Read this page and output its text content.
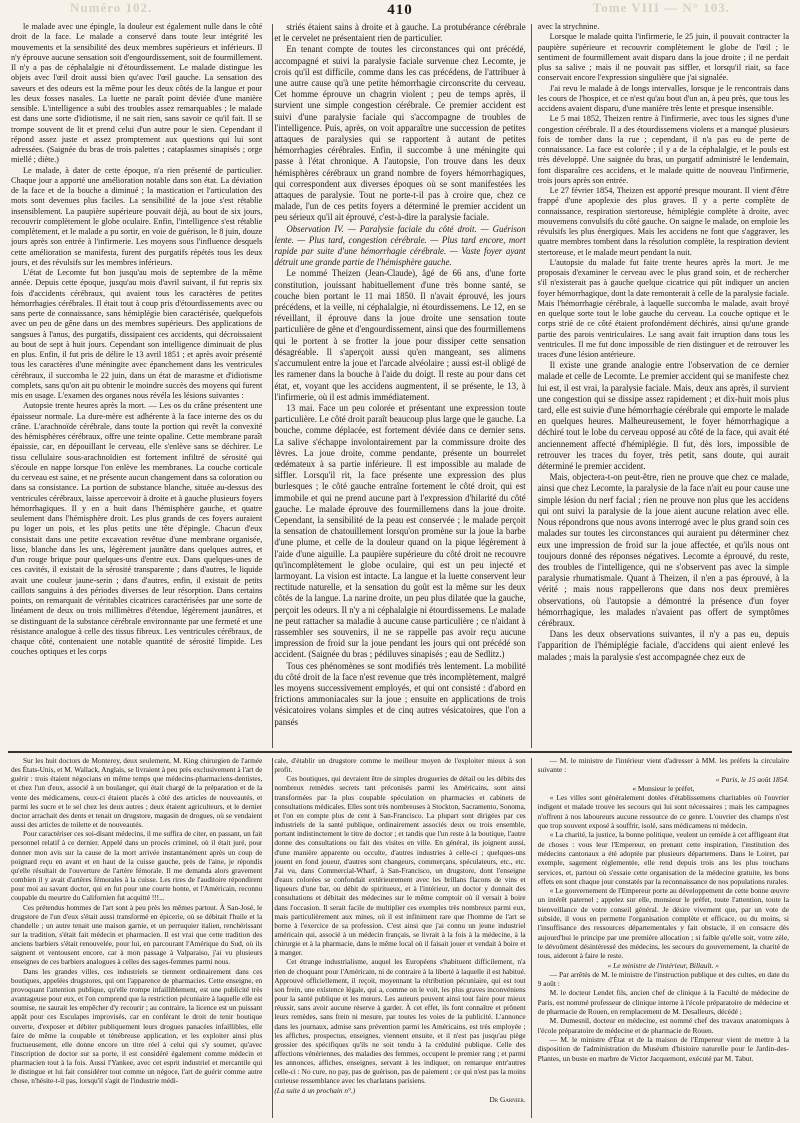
Numéro 102.	410	Tome VIII — N° 103.

le malade avec une épingle, la douleur est également nulle dans le côté droit de la face. Le malade a conservé dans toute leur intégrité les mouvements et la sensibilité des deux membres supérieurs et inférieurs. Il n'y éprouve aucune sensation soit d'engourdissement, soit de fourmillement. Il n'y a pas de céphalalgie ni d'étourdissement. Le malade distingue les objets avec l'œil droit aussi bien qu'avec l'œil gauche. La sensation des saveurs et des odeurs est la même pour les deux côtés de la langue et pour les deux fosses nasales. La luette ne paraît point déviée d'une manière sensible. L'intelligence a subi des troubles assez remarquables ; le malade est dans une sorte d'idiotisme, il ne sait rien, sans savoir ce qu'il fait. Il se trompe souvent de lit et prend celui d'un autre pour le sien. Cependant il répond assez juste et assez promptement aux questions qui lui sont adressées. (Saignée du bras de trois palettes ; cataplasmes sinapisés ; orge miellé ; diète.)

Le malade, à dater de cette époque, n'a rien présenté de particulier. Chaque jour a apporté une amélioration notable dans son état. La déviation de la face et de la bouche a diminué ; la mastication et l'articulation des mots sont devenues plus faciles. La sensibilité de la joue s'est rétablie insensiblement. La paupière supérieure pouvait déjà, au bout de six jours, recouvrir complètement le globe oculaire. Enfin, l'intelligence s'est rétablie complètement, et le malade a pu sortir, en voie de guérison, le 8 juin, douze jours après son entrée à l'infirmerie. Les moyens sous l'influence desquels cette amélioration se manifesta, furent des purgatifs répétés tous les deux jours, et des révulsifs sur les membres inférieurs.

L'état de Lecomte fut bon jusqu'au mois de septembre de la même année. Depuis cette époque, jusqu'au mois d'avril suivant, il fut repris six fois d'accidents cérébraux, qui avaient tous les caractères de petites hémorrhagies cérébrales. Il était tout à coup pris d'étourdissements avec ou sans perte de connaissance, sans hémiplégie bien caractérisée, quelquefois avec un peu de gêne dans un des membres supérieurs. Des applications de sangsues à l'anus, des purgatifs, dissipaient ces accidents, qui décroissaient au bout de sept à huit jours. Cependant son intelligence diminuait de plus en plus. Enfin, il fut pris de délire le 13 avril 1851 ; et après avoir présenté tous les caractères d'une méningite avec épanchement dans les ventricules cérébraux, il succomba le 22 juin, dans un état de marasme et d'idiotisme complets, sans qu'on ait pu obtenir le moindre succès des moyens qui furent mis en usage. L'examen des organes nous révéla les lésions suivantes :

Autopsie trente heures après la mort. — Les os du crâne présentent une épaisseur normale. La dure-mère est adhérente à la face interne des os du crâne. L'arachnoïde cérébrale, dans toute la portion qui revêt la convexité des hémisphères cérébraux, offre une teinte opaline. Cette membrane paraît épaissie, car, en dépouillant le cerveau, elle s'enlève sans se déchirer. Le tissu cellulaire sous-arachnoïdien est fortement infiltré de sérosité qui s'écoule en nappe lorsque l'on enlève les membranes. La couche corticale du cerveau est saine, et ne présente aucun changement dans sa coloration ou dans sa consistance. La portion de substance blanche, située au-dessus des ventricules cérébraux, laisse apercevoir à droite et à gauche plusieurs foyers hémorrhagiques. Il y en a huit dans l'hémisphère gauche, et quatre seulement dans l'hémisphère droit. Les plus grands de ces foyers auraient pu loger un pois, et les plus petits une tête d'épingle. Chacun d'eux consistait dans une petite excavation revêtue d'une membrane organisée, lisse, blanche dans les uns, légèrement jaunâtre dans quelques autres, et d'un rouge brique pour quelques-uns d'entre eux. Dans quelques-unes de ces cavités, il existait de la sérosité transparente ; dans d'autres, le liquide avait une couleur jaune-serin ; dans d'autres, enfin, il existait de petits caillots sanguins à des périodes diverses de leur résorption. Dans certains points, on remarquait de véritables cicatrices caractérisées par une sorte de linéament de deux ou trois millimètres d'étendue, légèrement jaunâtres, et se distinguant de la substance cérébrale environnante par une fermeté et une résistance analogue à celle des tissus fibreux. Les ventricules cérébraux, de chaque côté, contenaient une notable quantité de sérosité limpide. Les couches optiques et les corps

striés étaient sains à droite et à gauche. La protubérance cérébrale et le cervelet ne présentaient rien de particulier.

En tenant compte de toutes les circonstances qui ont précédé, accompagné et suivi la paralysie faciale survenue chez Lecomte, je crois qu'il est difficile, comme dans les cas précédens, de l'attribuer à une autre cause qu'à une petite hémorrhagie circonscrite du cerveau. Cet homme éprouve un chagrin violent ; peu de temps après, il survient une simple congestion cérébrale. Ce premier accident est suivi d'une paralysie faciale qui s'accompagne de troubles de l'intelligence. Puis, après, on voit apparaître une succession de petites attaques de paralysies qui se rapportent à autant de petites hémorrhagies cérébrales. Enfin, il succombe à une méningite qui passe à l'état chronique. A l'autopsie, l'on trouve dans les deux hémisphères cérébraux un grand nombre de foyers hémorrhagiques, qui correspondent aux diverses époques où se sont manifestées les attaques de paralysie. Tout ne porte-t-il pas à croire que, chez ce malade, l'un de ces petits foyers a déterminé le premier accident un peu sérieux qu'il ait éprouvé, c'est-à-dire la paralysie faciale.

Observation IV. — Paralysie faciale du côté droit. — Guérison lente. — Plus tard, congestion cérébrale. — Plus tard encore, mort rapide par suite d'une hémorrhagie cérébrale. — Vaste foyer ayant détruit une grande partie de l'hémisphère gauche.

Le nommé Theizen (Jean-Claude), âgé de 66 ans, d'une forte constitution, jouissant habituellement d'une très bonne santé, se couche bien portant le 11 mai 1850. Il n'avait éprouvé, les jours précédens, et la veille, ni céphalalgie, ni étourdissemens. Le 12, en se réveillant, il éprouve dans la joue droite une sensation toute particulière de gêne et d'engourdissement, ainsi que des fourmillemens qui le portent à se frotter la joue pour dissiper cette sensation désagréable. Il s'aperçoit aussi qu'en mangeant, ses alimens s'accumulent entre la joue et l'arcade alvéolaire ; aussi est-il obligé de les ramener dans la bouche à l'aide du doigt. Il reste au pour dans cet état, et, voyant que les accidens augmentent, il se présente, le 13, à l'infirmerie, où il est admis immédiatement.

13 mai. Face un peu colorée et présentant une expression toute particulière. Le côté droit paraît beaucoup plus large que le gauche. La bouche, comme déplacée, est fortement déviée dans ce dernier sens. La salive s'échappe involontairement par la commissure droite des lèvres. La joue droite, comme pendante, présente un bourrelet œdémateux à sa partie inférieure. Il est impossible au malade de siffler. Lorsqu'il rit, la face présente une expression des plus burlesques ; le côté gauche entraîne fortement le côté droit, qui est immobile et qui ne prend aucune part à l'expression d'hilarité du côté gauche. Le malade éprouve des fourmillemens dans la joue droite. Cependant, la sensibilité de la peau est conservée ; le malade perçoit la sensation de chatouillement lorsqu'on promène sur la joue la barbe d'une plume, et celle de la douleur quand on la pique légèrement à l'aide d'une aiguille. La paupière supérieure du côté droit ne recouvre qu'incomplètement le globe oculaire, qui est un peu injecté et larmoyant. La vision est intacte. La langue et la luette conservent leur rectitude naturelle, et la sensation du goût est la même sur les deux côtés de la langue. La narine droite, un peu plus dilatée que la gauche, perçoit les odeurs. Il n'y a ni céphalalgie ni étourdissemens. Le malade ne peut rattacher sa maladie à aucune cause particulière ; ce n'aidant à rassembler ses souvenirs, il ne se rappelle pas avoir reçu aucune impression de froid sur la joue pendant les jours qui ont précédé son accident. (Saignée du bras ; pédiluves sinapisés ; eau de Sedlitz.)

Tous ces phénomènes se sont modifiés très lentement. La mobilité du côté droit de la face n'est revenue que très incomplètement, malgré les moyens successivement employés, et qui ont consisté : d'abord en frictions ammoniacales sur la joue ; ensuite en applications de trois vésicatoires volans simples et de cinq autres vésicatoires, que l'on a pansés

avec la strychnine.

Lorsque le malade quitta l'infirmerie, le 25 juin, il pouvait contracter la paupière supérieure et recouvrir complètement le globe de l'œil ; le sentiment de fourmillement avait disparu dans la joue droite ; il ne perdait plus sa salive ; mais il ne pouvait pas siffler, et lorsqu'il riait, sa face conservait encore l'expression singulière que j'ai signalée.

J'ai revu le malade à de longs intervalles, lorsque je le rencontrais dans les cours de l'hospice, et ce n'est qu'au bout d'un an, à peu près, que tous les accidens avaient disparu, d'une manière très lente et presque insensible.

Le 5 mai 1852, Theizen rentre à l'infirmerie, avec tous les signes d'une congestion cérébrale. Il a des étourdissemens violens et a manqué plusieurs fois de tomber dans la rue ; cependant, il n'a pas eu de perte de connaissance. La face est colorée ; il y a de la céphalalgie, et le pouls est très développé. Une saignée du bras, un purgatif administré le lendemain, font disparaître ces accidens, et le malade quitte de nouveau l'infirmerie, trois jours après son entrée.

Le 27 février 1854, Theizen est apporté presque mourant. Il vient d'être frappé d'une apoplexie des plus graves. Il y a perte complète de connaissance, respiration stertoreuse, hémiplégie complète à droite, avec mouvemens convulsifs du côté gauche. On saigne le malade, on emploie les révulsifs les plus énergiques. Mais les accidens ne font que s'aggraver, les quatre membres tombent dans la résolution complète, la respiration devient stertoreuse, et le malade meurt pendant la nuit.

L'autopsie du malade fut faite trente heures après la mort. Je me proposais d'examiner le cerveau avec le plus grand soin, et de rechercher s'il n'existerait pas à gauche quelque cicatrice qui pût indiquer un ancien foyer hémorrhagique, dont la date remonterait à celle de la paralysie faciale. Mais l'hémorrhagie cérébrale, à laquelle succomba le malade, avait broyé en quelque sorte tout le lobe gauche du cerveau. La couche optique et le corps strié de ce côté étaient profondément déchirés, ainsi qu'une grande partie des parois ventriculaires. Le sang avait fait irruption dans tous les ventricules. Il me fut donc impossible de rien distinguer et de retrouver les traces d'une lésion antérieure.

Il existe une grande analogie entre l'observation de ce dernier malade et celle de Lecomte. Le premier accident qui se manifeste chez lui est, il est vrai, la paralysie faciale. Mais, deux ans après, il survient une congestion qui se dissipe assez rapidement ; et dix-huit mois plus tard, elle est suivie d'une hémorrhagie cérébrale qui emporte le malade en quelques heures. Malheureusement, le foyer hémorrhagique a déchiré tout le lobe du cerveau opposé au côté de la face, qui avait été anciennement affecté d'hémiplégie. Il fut, dès lors, impossible de retrouver les traces du foyer, très petit, sans doute, qui aurait déterminé le premier accident.

Mais, objectera-t-on peut-être, rien ne prouve que chez ce malade, ainsi que chez Lecomte, la paralysie de la face n'ait eu pour cause une simple lésion du nerf facial ; rien ne prouve non plus que les accidens qui ont suivi la paralysie de la joue aient aucune relation avec elle. Nous répondrons que nous avons interrogé avec le plus grand soin ces malades sur toutes les circonstances qui auraient pu déterminer chez eux une impression de froid sur la joue affectée, et qu'ils nous ont toujours donné des réponses négatives. Lecomte a éprouvé, du reste, des troubles de l'intelligence, qui ne s'observent pas avec la simple paralysie rhumatismale. Quant à Theizen, il n'en a pas éprouvé, à la vérité ; mais nous rappellerons que dans nos deux premières observations, où l'autopsie a démontré la présence d'un foyer hémorrhagique, les malades n'avaient pas offert de symptômes cérébraux.

Dans les deux observations suivantes, il n'y a pas eu, depuis l'apparition de l'hémiplégie faciale, d'accidens qui aient enlevé les malades ; mais la paralysie s'est accompagnée chez eux de

Sur les huit doctors de Monterey, deux seulement, M. King chirurgien de l'armée des États-Unis, et M. Wallack, Anglais, se livraient à peu près exclusivement à l'art de guérir : trois étaient négocians en même temps que médecins-pharmaciens-dentistes, et chez l'un d'eux, associé à un boulanger, qui était chargé de la préparation et de la vente des médicamens, ceux-ci étaient placés à côté des articles de nouveautés, et parmi les sucre et le sel chez les deux autres ; deux étaient agriculteurs, et le dernier doctor arrachait des dents et tenait un drugstore, magasin de drogues, où se vendaient aussi des articles de toilette et de nouveautés.

Pour caractériser ces soi-disant médecins, il me suffira de citer, en passant, un fait personnel relatif à ce dernier. Appelé dans un procès criminel, où il était juré, pour donner mon avis sur la cause de la mort arrivée instantanément après un coup de poignard reçu en avant et en haut de la cuisse gauche, près de l'aine, je répondis qu'elle résultait de l'ouverture de l'artère fémorale. Il me demanda alors gravement combien il y avait d'artères fémorales à la cuisse. Les rires de l'auditoire répondirent pour moi au savant doctor, qui en fut pour une courte honte, et l'Américain, reconnu coupable du meurtre du Californien fut acquitté !!!...

Ces prétendus hommes de l'art sont à peu près les mêmes partout. À San-José, le drugstore de l'un d'eux s'était aussi transformé en épicerie, où se débitait l'huile et la chandelle ; un autre tenait une maison garnie, et un perruquier italien, renchérissant sur la tradition, s'était fait médecin et pharmacien. Il est vrai que cette tradition des anciens barbiers s'était renouvelée, pour lui, en parcourant l'Amérique du Sud, où ils saignent et ventousent encore, car à mon passage à Valparaiso, j'ai vu plusieurs enseignes de ces barbiers analogues à celles des sages-femmes parmi nous.

Dans les grandes villes, ces industriels se tiennent ordinairement dans ces boutiques, appelées drugstores, qui ont l'apparence de pharmacies. Cette enseigne, en provoquant l'attention publique, qu'elle trompe infailliblement, est une publicité très avantageuse pour eux, et l'on comprend que la restriction pécuniaire à laquelle elle est soumise, ne saurait les empêcher d'y recourir ; au contraire, la licence est un puissant appât pour ces Esculapes improvisés, car en conférant le droit de tenir boutique ouverte, d'exposer et débiter publiquement leurs drogues panacées infaillibles, elle faire de même la coupable et ténébreuse application, et les exploiter ainsi plus fructueusement, elle donne encore un titre réel à celui qui s'y soumet, qu'avec l'inscription de doctor sur sa porte, il est considéré également comme médecin et pharmacien tout à la fois. Aussi l'Yankee, avec cet esprit industriel et mercantile qui le distingue et lui fait considérer tout comme un négoce, l'art de guérir comme autre chose, n'hésite-t-il pas, lorsqu'il s'agit de l'industrie médi-

cale, d'établir un drugstore comme le meilleur moyen de l'exploiter mieux à son profit.

Ces boutiques, qui devraient être de simples drogueries de détail ou les débits des nombreux remèdes secrets tant préconisés parmi les Américains, sont ainsi transformées par la plus coupable spéculation en pharmacies et cabinets de consultations médicales. Elles sont très nombreuses à Stockton, Sacramento, Sonoma, et l'on en compte plus de cent à San-Francisco. La plupart sont dirigées par ces industriels de la santé publique, ordinairement associés deux ou trois ensemble, portant indistinctement le titre de doctor ; et tandis que l'un reste à la boutique, l'autre donne des consultations ou fait des visites en ville. En général, ils joignent aussi, d'une manière apparente ou occulte, d'autres industries à celle-ci ; quelques-uns jouent en fond joueur, d'autres sont changeurs, commerçans, spéculateurs, etc., etc. J'ai vu, dans Commercial-Wharf, à San-Francisco, un drugstore, dont l'enseigne d'eaux colorées se confondait extérieurement avec les brillans flacons de vins et liqueurs d'une bar, ou débit de spiritueux, et à l'intérieur, un doctor y donnait des consultations et débitait des médecines sur le même comptoir où il versait à boire dans l'occasion. Il serait facile de multiplier ces exemples très nombreux parmi eux, mais particulièrement aux mines, où il est infiniment rare que l'homme de l'art se borne à l'exercice de sa profession. C'est ainsi que j'ai connu un jeune industriel américain qui, associé à un médecin français, se livrait à la fois à la médecine, à la chirurgie et à la pharmacie, dans le même local où il faisait jouer et vendait à boire et à manger.

Cet étrange industrialisme, auquel les Européens s'habituent difficilement, n'a rien de choquant pour l'Américain, ni de contraire à la liberté à laquelle il est habitué. Approuvé officiellement, il reçoit, moyennant la rétribution pécuniaire, qui est tout son frein, une existence légale, qui a, comme on le voit, les plus graves inconvéniens pour la santé publique et les mœurs. Les auteurs peuvent ainsi tout faire pour mieux réussir, sans avoir aucune réserve à garder. À cet effet, ils font connaître et prônent leurs remèdes, sans frein ni mesure, par toutes les voies de la publicité. L'annonce dans les journaux, admise sans prévention parmi les Américains, est très employée ; les affiches, prospectus, enseignes, viennent ensuite, et il n'est pas jusqu'au piège grossier des spécifiques qu'ils ne soit tendu à la crédulité publique. Celle des affections vénériennes, des maladies des femmes, occupent le premier rang ; et parmi les annonces, affiches, enseignes, servant à les indiquer, on remarque entr'autres celle-ci : No cure, no pay, pas de guérison, pas de paiement ; ce qui n'est pas la moins curieuse ressemblance avec les charlatans parisiens.

(La suite à un prochain n°.)

Dr Garnier.

— M. le ministre de l'intérieur vient d'adresser à MM. les préfets la circulaire suivante :

« Paris, le 15 août 1854.

« Monsieur le préfet,

« Les villes sont généralement dotées d'établissemens charitables où l'ouvrier indigent et malade trouve les secours qui lui sont nécessaires ; mais les campagnes n'offrent à nos laboureurs aucune ressource de ce genre. L'ouvrier des champs n'est que trop souvent exposé à souffrir, isolé, sans médicamens ni médecin.

« La charité, la justice, la bonne politique, veulent un remède à cet affligeant état de choses : vous leur l'Empereur, en prenant cette inspiration, l'institution des médecins cantonaux a été adoptée par plusieurs départemens. Dans le Loiret, par exemple, sagement réglementée, elle rend depuis trois ans les plus touchans services, et, partout où s'essaie cette organisation de la médecine gratuite, les bons effets en sont chaque jour constatés par la reconnaissance de nos populations rurales.

« Le gouvernement de l'Empereur porte au développement de cette bonne œuvre un intérêt paternel ; appelez sur elle, monsieur le préfet, toute l'attention, toute la bienveillance de votre conseil général. Je désire vivement que, par un vote de subside, il vous en permette l'organisation complète et efficace, ou du moins, si l'insuffisance des ressources départementales y fait obstacle, il en consacre dès aujourd'hui le principe par une première allocation ; si faible qu'elle soit, votre zèle, le dévoûment désintéressé des médecins, les secours du gouvernement, la charité de tous, aideront à faire le reste.

« Le ministre de l'intérieur, Billault. »

— Par arrêtés de M. le ministre de l'instruction publique et des cultes, en date du 9 août :

M. le docteur Lendet fils, ancien chef de clinique à la Faculté de médecine de Paris, est nommé professeur de clinique interne à l'école préparatoire de médecine et de pharmacie de Rouen, en remplacement de M. Desalleurs, décédé ;

M. Dumesnil, docteur en médecine, est nommé chef des travaux anatomiques à l'école préparatoire de médecine et de pharmacie de Rouen.

— M. le ministre d'État et de la maison de l'Empereur vient de mettre à la disposition de l'administration du Muséum d'histoire naturelle pour le Jardin-des-Plantes, un buste en marbre de Victor Jacquemont, exécuté par M. Tabut.
